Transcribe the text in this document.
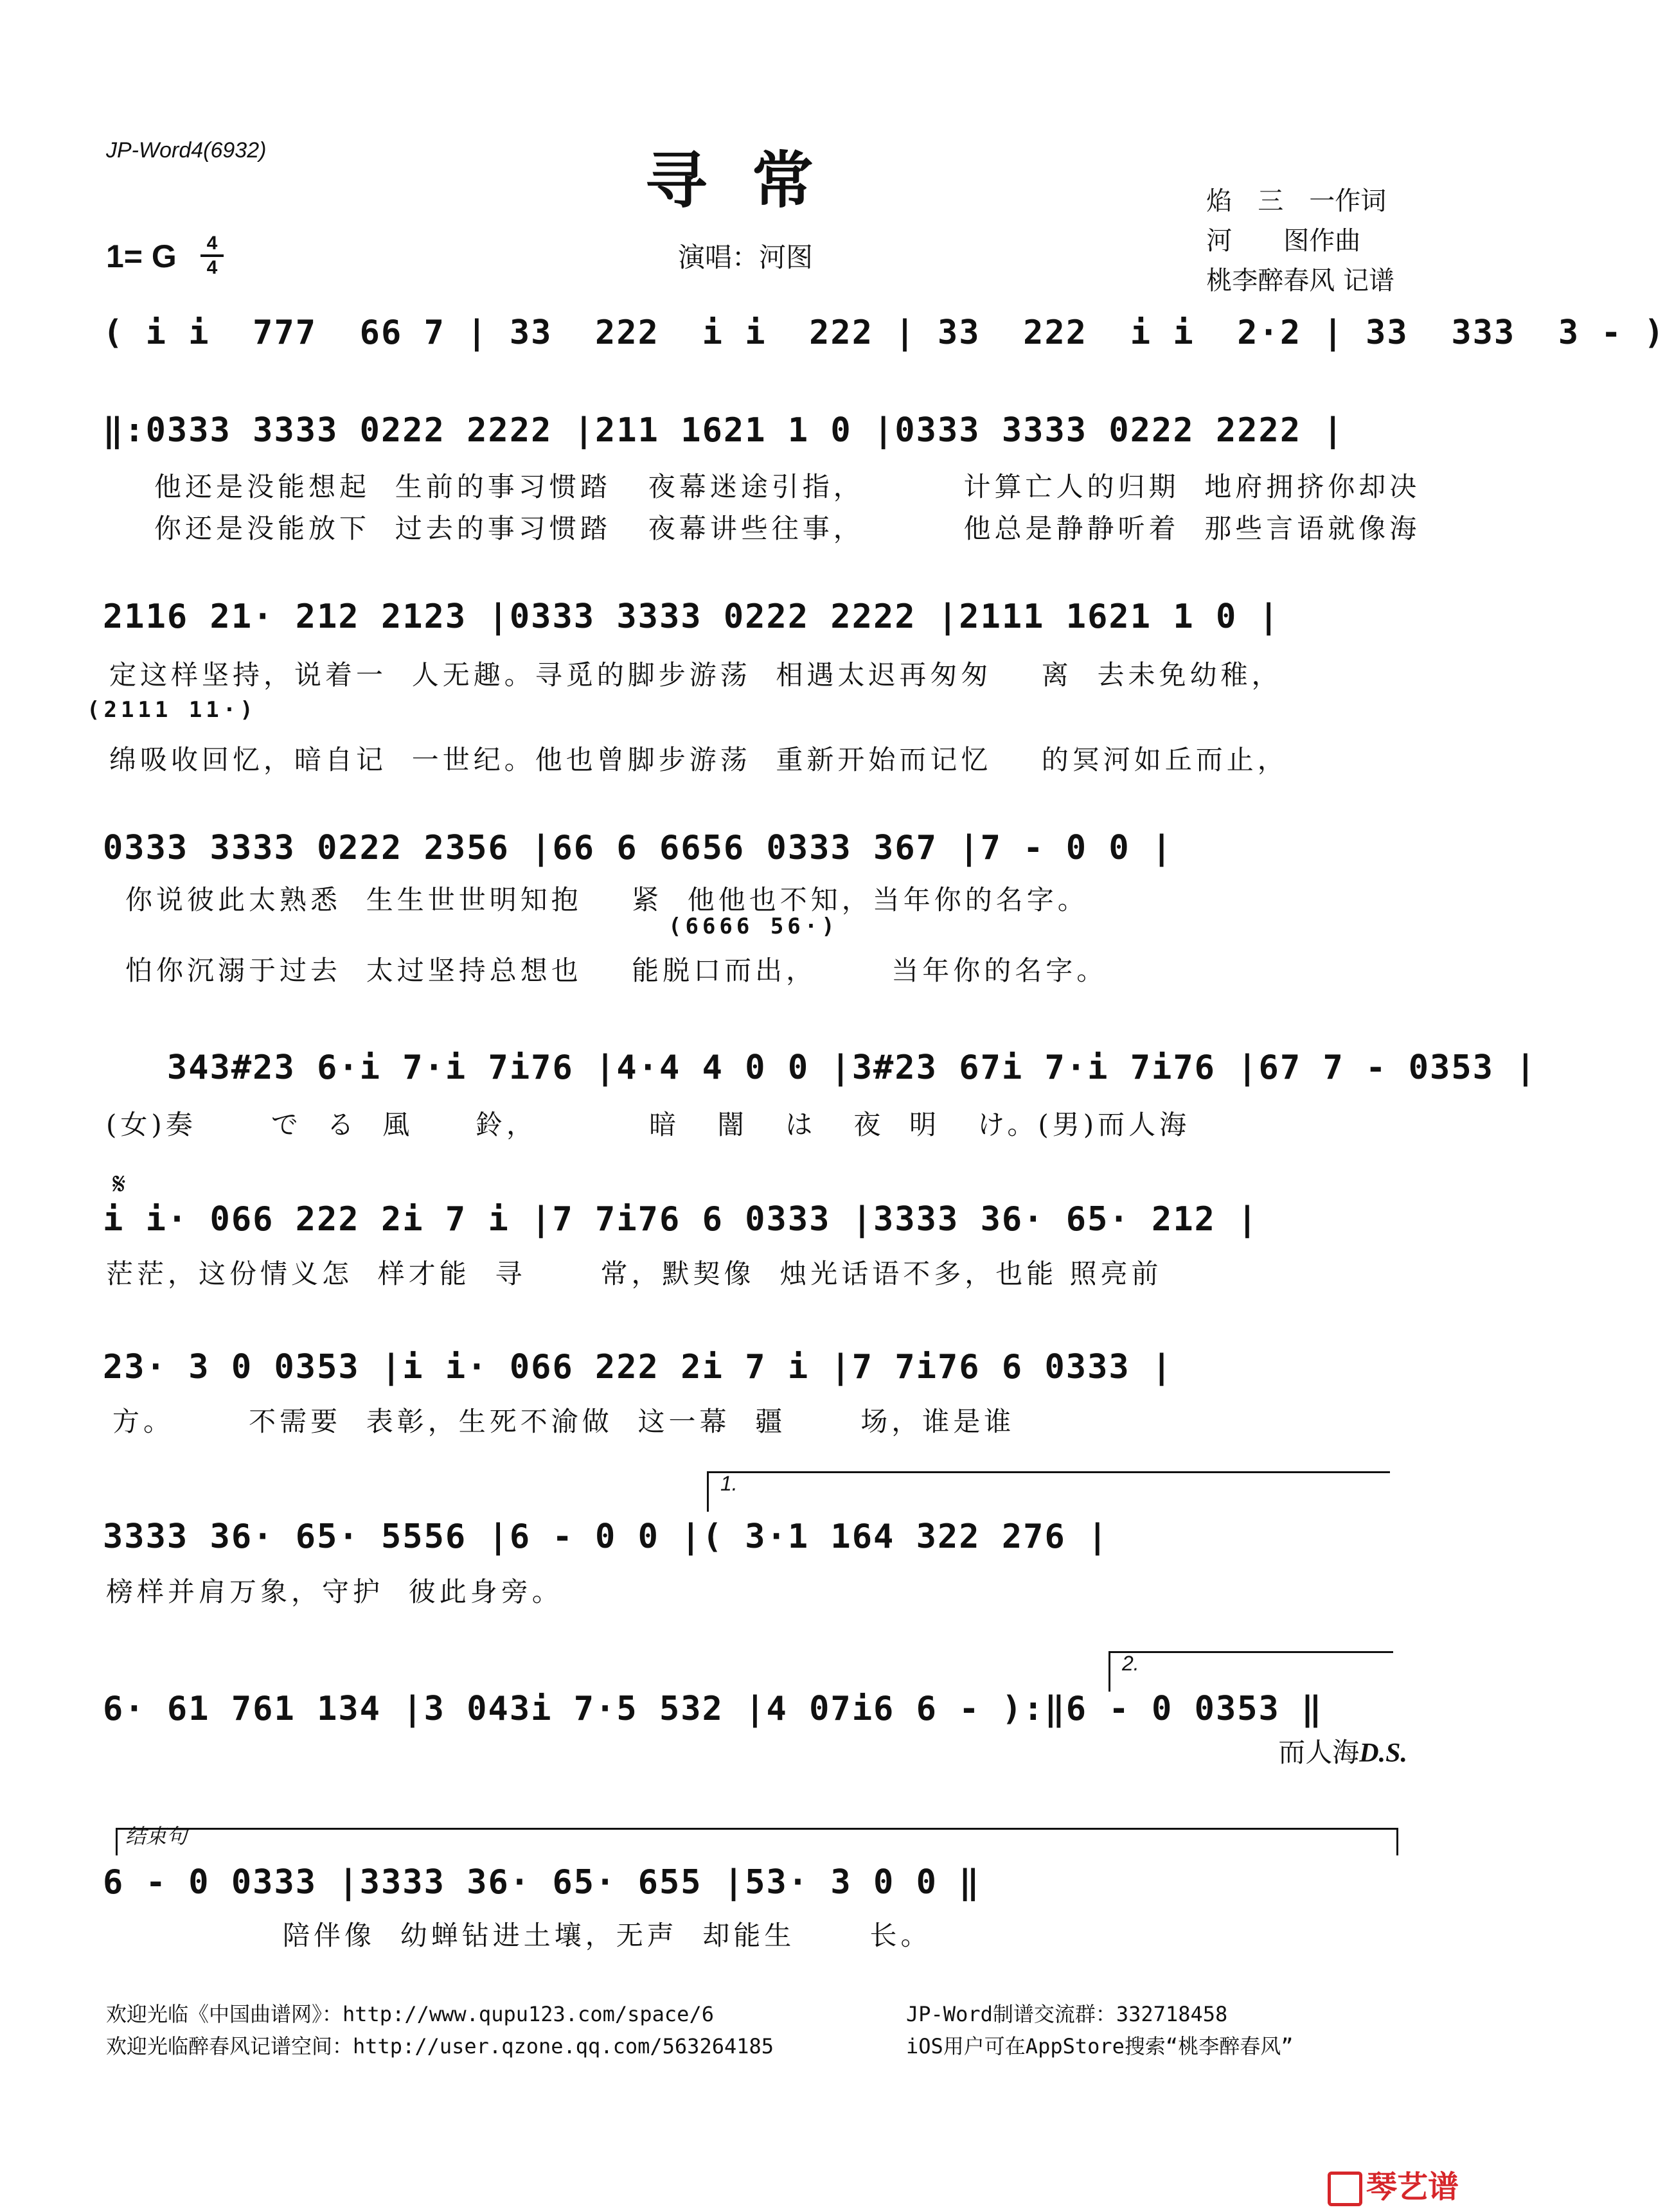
JP-Word4(6932)	寻常	焰　三　一作词
河　　图作曲
桃李醉春风 记谱
1= G	4
4	演唱：河图
( i i  777  66 7 | 33  222  i i  222 | 33  222  i i  2·2 | 33  333  3 - )
‖:0333 3333 0222 2222 |211 1621 1 0 |0333 3333 0222 2222 |
他还是没能想起  生前的事习惯踏   夜幕迷途引指，        计算亡人的归期  地府拥挤你却决
你还是没能放下  过去的事习惯踏   夜幕讲些往事，        他总是静静听着  那些言语就像海
2116 21· 212 2123 |0333 3333 0222 2222 |2111 1621 1 0 |
定这样坚持，说着一  人无趣。寻觅的脚步游荡  相遇太迟再匆匆    离  去未免幼稚，
(2111 11·)
绵吸收回忆，暗自记  一世纪。他也曾脚步游荡  重新开始而记忆    的冥河如丘而止，
0333 3333 0222 2356 |66 6 6656 0333 367 |7 - 0 0 |
你说彼此太熟悉  生生世世明知抱    紧  他他也不知，当年你的名字。
(6666 56·)
怕你沉溺于过去  太过坚持总想也    能脱口而出，      当年你的名字。
343#23 6·i 7·i 7i76 |4·4 4 0 0 |3#23 67i 7·i 7i76 |67 7 - 0353 |
(女)奏      で  る  風     鈴，         暗   闇   は   夜  明   け。(男)而人海
𝄋
i i· 066 222 2i 7 i |7 7i76 6 0333 |3333 36· 65· 212 |
茫茫，这份情义怎  样才能  寻      常，默契像  烛光话语不多，也能 照亮前
23· 3 0 0353 |i i· 066 222 2i 7 i |7 7i76 6 0333 |
方。      不需要  表彰，生死不渝做  这一幕  疆      场，谁是谁
1.
3333 36· 65· 5556 |6 - 0 0 |( 3·1 164 322 276 |
榜样并肩万象，守护  彼此身旁。
2.
6· 61 761 134 |3 043i 7·5 532 |4 07i6 6 - ):‖6 - 0 0353 ‖
而人海D.S.
结束句
6 - 0 0333 |3333 36· 65· 655 |53· 3 0 0 ‖
陪伴像  幼蝉钻进土壤，无声  却能生      长。
欢迎光临《中国曲谱网》：http://www.qupu123.com/space/6
欢迎光临醉春风记谱空间：http://user.qzone.qq.com/563264185
JP-Word制谱交流群：332718458
iOS用户可在AppStore搜索“桃李醉春风”
琴艺谱
